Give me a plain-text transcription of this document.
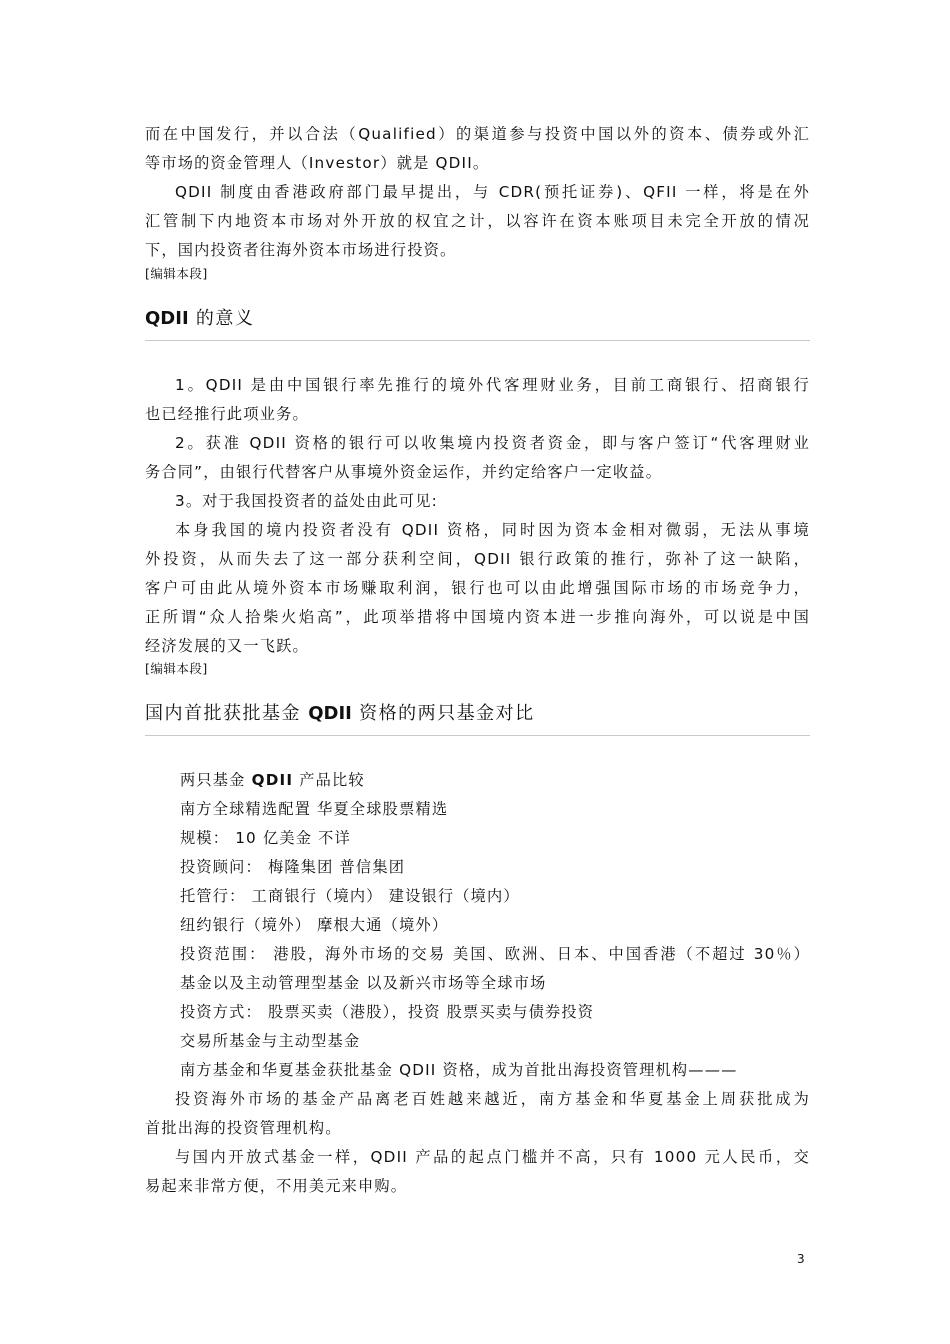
而在中国发行，并以合法（Qualified）的渠道参与投资中国以外的资本、债券或外汇
等市场的资金管理人（Investor）就是 QDII。
QDII 制度由香港政府部门最早提出，与 CDR(预托证券)、QFII 一样，将是在外
汇管制下内地资本市场对外开放的权宜之计，以容许在资本账项目未完全开放的情况
下，国内投资者往海外资本市场进行投资。
[编辑本段]
QDII 的意义
1。QDII 是由中国银行率先推行的境外代客理财业务，目前工商银行、招商银行
也已经推行此项业务。
2。获准 QDII 资格的银行可以收集境内投资者资金，即与客户签订“代客理财业
务合同”，由银行代替客户从事境外资金运作，并约定给客户一定收益。
3。对于我国投资者的益处由此可见:
本身我国的境内投资者没有 QDII 资格，同时因为资本金相对微弱，无法从事境
外投资，从而失去了这一部分获利空间，QDII 银行政策的推行，弥补了这一缺陷，
客户可由此从境外资本市场赚取利润，银行也可以由此增强国际市场的市场竞争力，
正所谓“众人拾柴火焰高”，此项举措将中国境内资本进一步推向海外，可以说是中国
经济发展的又一飞跃。
[编辑本段]
国内首批获批基金 QDII 资格的两只基金对比
两只基金 QDII 产品比较
南方全球精选配置 华夏全球股票精选
规模： 10 亿美金 不详
投资顾问： 梅隆集团 普信集团
托管行： 工商银行（境内） 建设银行（境内）
纽约银行（境外） 摩根大通（境外）
投资范围： 港股，海外市场的交易 美国、欧洲、日本、中国香港（不超过 30％）
基金以及主动管理型基金 以及新兴市场等全球市场
投资方式： 股票买卖（港股），投资 股票买卖与债券投资
交易所基金与主动型基金
南方基金和华夏基金获批基金 QDII 资格，成为首批出海投资管理机构———
投资海外市场的基金产品离老百姓越来越近，南方基金和华夏基金上周获批成为
首批出海的投资管理机构。
与国内开放式基金一样，QDII 产品的起点门槛并不高，只有 1000 元人民币，交
易起来非常方便，不用美元来申购。
3
